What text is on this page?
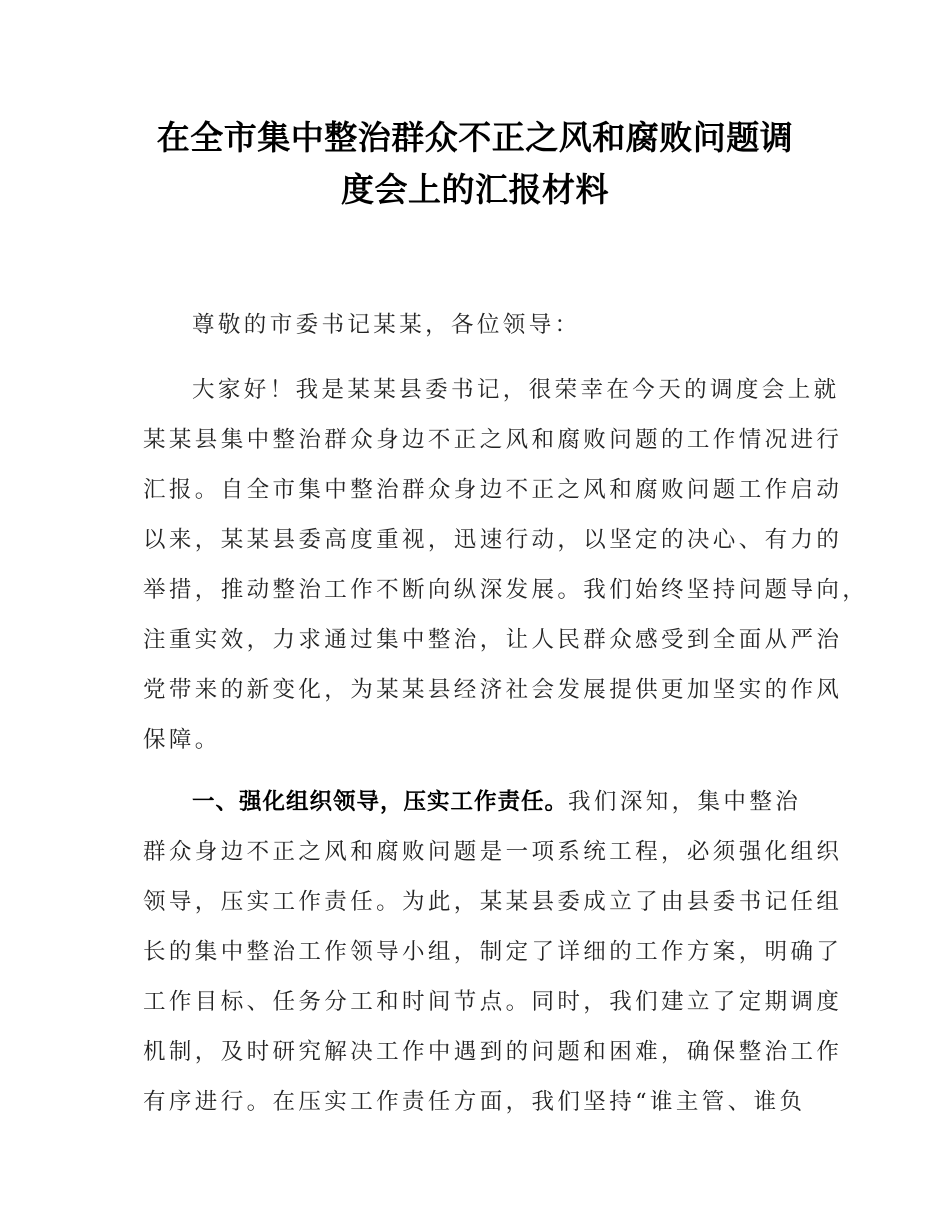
在全市集中整治群众不正之风和腐败问题调
度会上的汇报材料

尊敬的市委书记某某，各位领导：

大家好！我是某某县委书记，很荣幸在今天的调度会上就

某某县集中整治群众身边不正之风和腐败问题的工作情况进行

汇报。自全市集中整治群众身边不正之风和腐败问题工作启动

以来，某某县委高度重视，迅速行动，以坚定的决心、有力的

举措，推动整治工作不断向纵深发展。我们始终坚持问题导向，

注重实效，力求通过集中整治，让人民群众感受到全面从严治

党带来的新变化，为某某县经济社会发展提供更加坚实的作风

保障。

一、强化组织领导，压实工作责任。我们深知，集中整治

群众身边不正之风和腐败问题是一项系统工程，必须强化组织

领导，压实工作责任。为此，某某县委成立了由县委书记任组

长的集中整治工作领导小组，制定了详细的工作方案，明确了

工作目标、任务分工和时间节点。同时，我们建立了定期调度

机制，及时研究解决工作中遇到的问题和困难，确保整治工作

有序进行。在压实工作责任方面，我们坚持“谁主管、谁负
